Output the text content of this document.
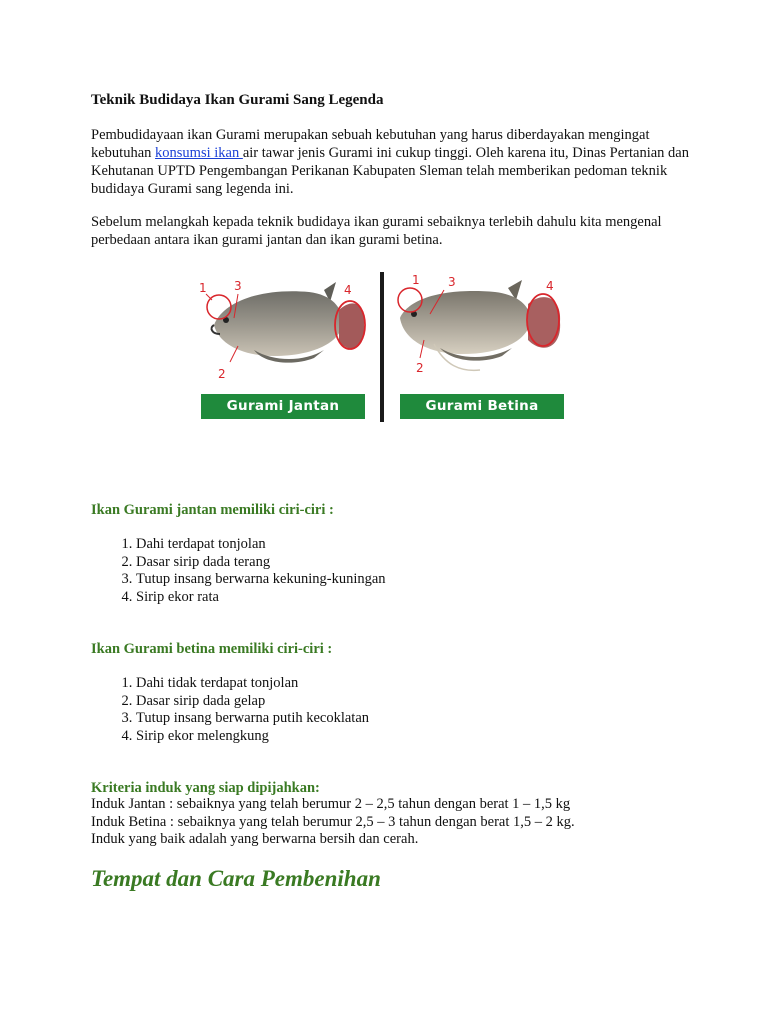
Teknik Budidaya Ikan Gurami Sang Legenda

Pembudidayaan ikan Gurami merupakan sebuah kebutuhan yang harus diberdayakan mengingat kebutuhan konsumsi ikan air tawar jenis Gurami ini cukup tinggi. Oleh karena itu, Dinas Pertanian dan Kehutanan UPTD Pengembangan Perikanan Kabupaten Sleman telah memberikan pedoman teknik budidaya Gurami sang legenda ini.

Sebelum melangkah kepada teknik budidaya ikan gurami sebaiknya terlebih dahulu kita mengenal perbedaan antara ikan gurami jantan dan ikan gurami betina.

1 3	4
2
1 3	4
2
Gurami Jantan	Gurami Betina

Ikan Gurami jantan memiliki ciri-ciri :

1. Dahi terdapat tonjolan
2. Dasar sirip dada terang
3. Tutup insang berwarna kekuning-kuningan
4. Sirip ekor rata

Ikan Gurami betina memiliki ciri-ciri :

1. Dahi tidak terdapat tonjolan
2. Dasar sirip dada gelap
3. Tutup insang berwarna putih kecoklatan
4. Sirip ekor melengkung

Kriteria induk yang siap dipijahkan:

Induk Jantan : sebaiknya yang telah berumur 2 – 2,5 tahun dengan berat 1 – 1,5 kg
Induk Betina : sebaiknya yang telah berumur 2,5 – 3 tahun dengan berat 1,5 – 2 kg.
Induk yang baik adalah yang berwarna bersih dan cerah.
Tempat dan Cara Pembenihan
